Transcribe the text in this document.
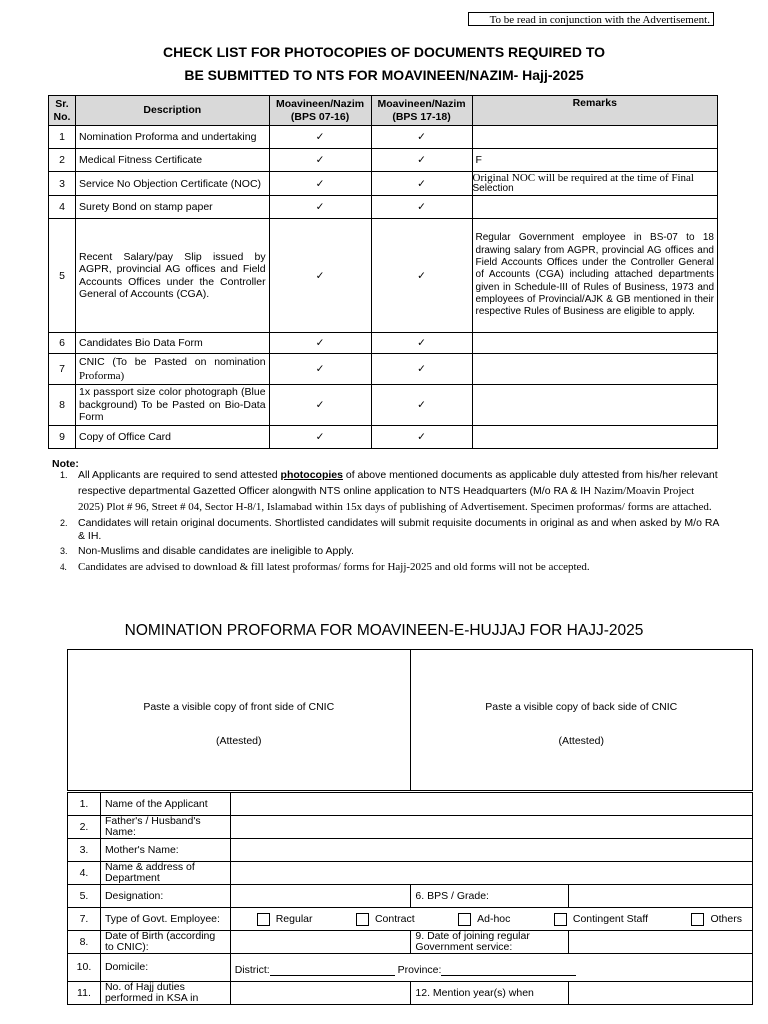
To be read in conjunction with the Advertisement.
CHECK LIST FOR PHOTOCOPIES OF DOCUMENTS REQUIRED TO
BE SUBMITTED TO NTS FOR MOAVINEEN/NAZIM- Hajj-2025
Sr.
No.	Description	Moavineen/Nazim
(BPS 07-16)	Moavineen/Nazim
(BPS 17-18)	Remarks
1	Nomination Proforma and undertaking	✓	✓	
2	Medical Fitness Certificate	✓	✓	F
3	Service No Objection Certificate (NOC)	✓	✓	Original NOC will be required at the time of Final
Selection

4	Surety Bond on stamp paper	✓	✓	
5	Recent Salary/pay Slip issued by AGPR, provincial AG offices and Field Accounts Offices under the Controller General of Accounts (CGA).	✓	✓	Regular Government employee in BS-07 to 18 drawing salary from AGPR, provincial AG offices and Field Accounts Offices under the Controller General of Accounts (CGA) including attached departments given in Schedule-III of Rules of Business, 1973 and employees of Provincial/AJK & GB mentioned in their respective Rules of Business are eligible to apply.
6	Candidates Bio Data Form	✓	✓	
7	CNIC (To be Pasted on nomination
Proforma)	✓	✓	
8	1x passport size color photograph (Blue background) To be Pasted on Bio-Data Form	✓	✓	
9	Copy of Office Card	✓	✓	
Note:
1. All Applicants are required to send attested photocopies of above mentioned documents as applicable duly attested from his/her relevant respective departmental Gazetted Officer alongwith NTS online application to NTS Headquarters (M/o RA & IH Nazim/Moavin Project 2025) Plot # 96, Street # 04, Sector H-8/1, Islamabad within 15x days of publishing of Advertisement. Specimen proformas/ forms are attached.
2. Candidates will retain original documents. Shortlisted candidates will submit requisite documents in original as and when asked by M/o RA & IH.
3. Non-Muslims and disable candidates are ineligible to Apply.
4.	Candidates are advised to download & fill latest proformas/ forms for Hajj-2025 and old forms will not be accepted.
NOMINATION PROFORMA FOR MOAVINEEN-E-HUJJAJ FOR HAJJ-2025
Paste a visible copy of front side of CNIC
(Attested)
Paste a visible copy of back side of CNIC
(Attested)
1.	Name of the Applicant			
2.	Father's / Husband's Name:			
3.	Mother's Name:			
4.	Name & address of Department			
5.	Designation:		6. BPS / Grade:	
7.	Type of Govt. Employee:	Regular Contract Ad-hoc Contingent Staff Others		

8.	Date of Birth (according to CNIC):		9. Date of joining regular Government service:	
10.	Domicile:	District: Province:		
11.	No. of Hajj duties performed in KSA in		12. Mention year(s) when	
